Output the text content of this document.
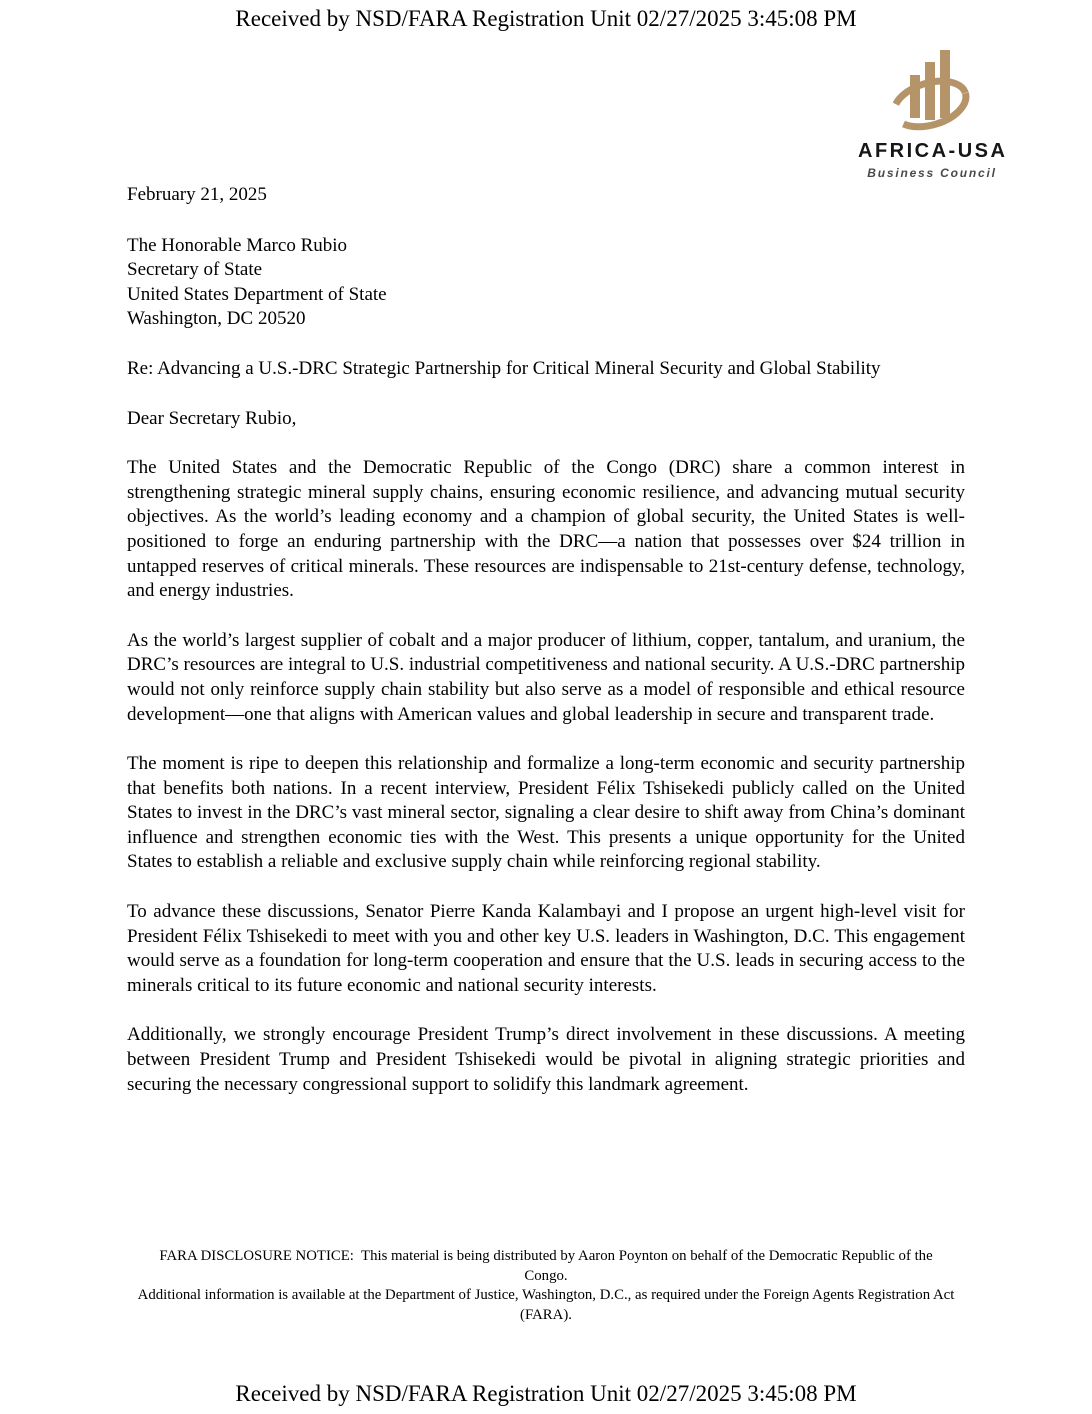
Received by NSD/FARA Registration Unit 02/27/2025 3:45:08 PM
AFRICA-USA
Business Council
February 21, 2025
The Honorable Marco Rubio
Secretary of State
United States Department of State
Washington, DC 20520
Re: Advancing a U.S.-DRC Strategic Partnership for Critical Mineral Security and Global Stability
Dear Secretary Rubio,

The United States and the Democratic Republic of the Congo (DRC) share a common interest in strengthening strategic mineral supply chains, ensuring economic resilience, and advancing mutual security objectives. As the world’s leading economy and a champion of global security, the United States is well-positioned to forge an enduring partnership with the DRC—a nation that possesses over $24 trillion in untapped reserves of critical minerals. These resources are indispensable to 21st-century defense, technology, and energy industries.

As the world’s largest supplier of cobalt and a major producer of lithium, copper, tantalum, and uranium, the DRC’s resources are integral to U.S. industrial competitiveness and national security. A U.S.-DRC partnership would not only reinforce supply chain stability but also serve as a model of responsible and ethical resource development—one that aligns with American values and global leadership in secure and transparent trade.

The moment is ripe to deepen this relationship and formalize a long-term economic and security partnership that benefits both nations. In a recent interview, President Félix Tshisekedi publicly called on the United States to invest in the DRC’s vast mineral sector, signaling a clear desire to shift away from China’s dominant influence and strengthen economic ties with the West. This presents a unique opportunity for the United States to establish a reliable and exclusive supply chain while reinforcing regional stability.

To advance these discussions, Senator Pierre Kanda Kalambayi and I propose an urgent high-level visit for President Félix Tshisekedi to meet with you and other key U.S. leaders in Washington, D.C. This engagement would serve as a foundation for long-term cooperation and ensure that the U.S. leads in securing access to the minerals critical to its future economic and national security interests.

Additionally, we strongly encourage President Trump’s direct involvement in these discussions. A meeting between President Trump and President Tshisekedi would be pivotal in aligning strategic priorities and securing the necessary congressional support to solidify this landmark agreement.

FARA DISCLOSURE NOTICE:  This material is being distributed by Aaron Poynton on behalf of the Democratic Republic of the Congo.
Additional information is available at the Department of Justice, Washington, D.C., as required under the Foreign Agents Registration Act
(FARA).
Received by NSD/FARA Registration Unit 02/27/2025 3:45:08 PM
